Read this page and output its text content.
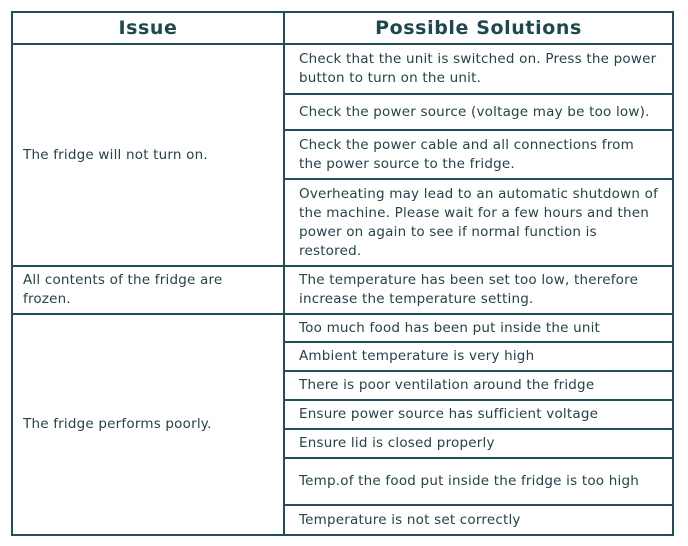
Issue	Possible Solutions
The fridge will not turn on.	Check that the unit is switched on. Press the power button to turn on the unit.
	Check the power source (voltage may be too low).
	Check the power cable and all connections from the power source to the fridge.
	Overheating may lead to an automatic shutdown of the machine. Please wait for a few hours and then power on again to see if normal function is restored.
All contents of the fridge are frozen.	The temperature has been set too low, therefore increase the temperature setting.
The fridge performs poorly.	Too much food has been put inside the unit
	Ambient temperature is very high
	There is poor ventilation around the fridge
	Ensure power source has sufficient voltage
	Ensure lid is closed properly
	Temp.of the food put inside the fridge is too high
	Temperature is not set correctly
